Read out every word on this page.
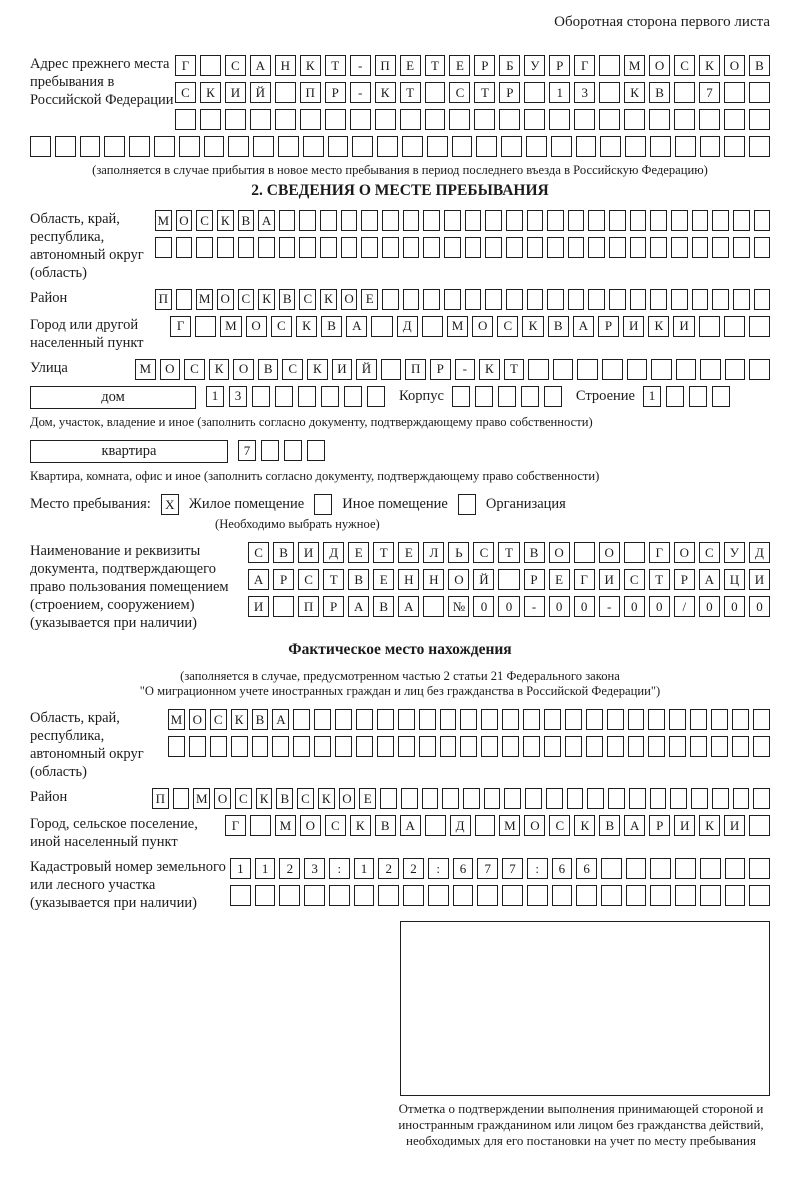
Оборотная сторона первого листа
Адрес прежнего места пребывания в Российской Федерации
Г	С	А	Н	К	Т	-	П	Е	Т	Е	Р	Б	У	Р	Г	М	О	С	К	О	В
С	К	И	Й	П	Р	-	К	Т	С	Т	Р	1	3	К	В	7
(заполняется в случае прибытия в новое место пребывания в период последнего въезда в Российскую Федерацию)
2. СВЕДЕНИЯ О МЕСТЕ ПРЕБЫВАНИЯ
Область, край, республика, автономный округ (область)
М О С К В А
Район	П М О С К В С К О Е
Город или другой населенный пункт
Г	М	О	С	К	В	А	Д	М	О	С	К	В	А	Р	И	К	И
Улица	М	О	С	К	О	В	С	К	И	Й	П	Р	-	К	Т
дом	1	3	Корпус	Строение	1
Дом, участок, владение и иное (заполнить согласно документу, подтверждающему право собственности)
квартира	7
Квартира, комната, офис и иное (заполнить согласно документу, подтверждающему право собственности)
Место пребывания:	X Жилое помещение	Иное помещение	Организация
(Необходимо выбрать нужное)
Наименование и реквизиты документа, подтверждающего право пользования помещением (строением, сооружением) (указывается при наличии)
С	В	И	Д	Е	Т	Е	Л	Ь	С	Т	В	О	О	Г	О	С	У	Д
А	Р	С	Т	В	Е	Н	Н	О	Й	Р	Е	Г	И	С	Т	Р	А	Ц	И
И	П	Р	А	В	А	№	0	0	-	0	0	-	0	0	/	0	0	0
Фактическое место нахождения
(заполняется в случае, предусмотренном частью 2 статьи 21 Федерального закона
"О миграционном учете иностранных граждан и лиц без гражданства в Российской Федерации")
Область, край, республика, автономный округ (область)
М О С К В А
Район	П М О С К В С К О Е
Город, сельское поселение, иной населенный пункт
Г	М	О	С	К	В	А	Д	М	О	С	К	В	А	Р	И	К	И
Кадастровый номер земельного или лесного участка (указывается при наличии)
1	1	2	3	:	1	2	2	:	6	7	7	:	6	6
Отметка о подтверждении выполнения принимающей стороной и иностранным гражданином или лицом без гражданства действий, необходимых для его постановки на учет по месту пребывания
